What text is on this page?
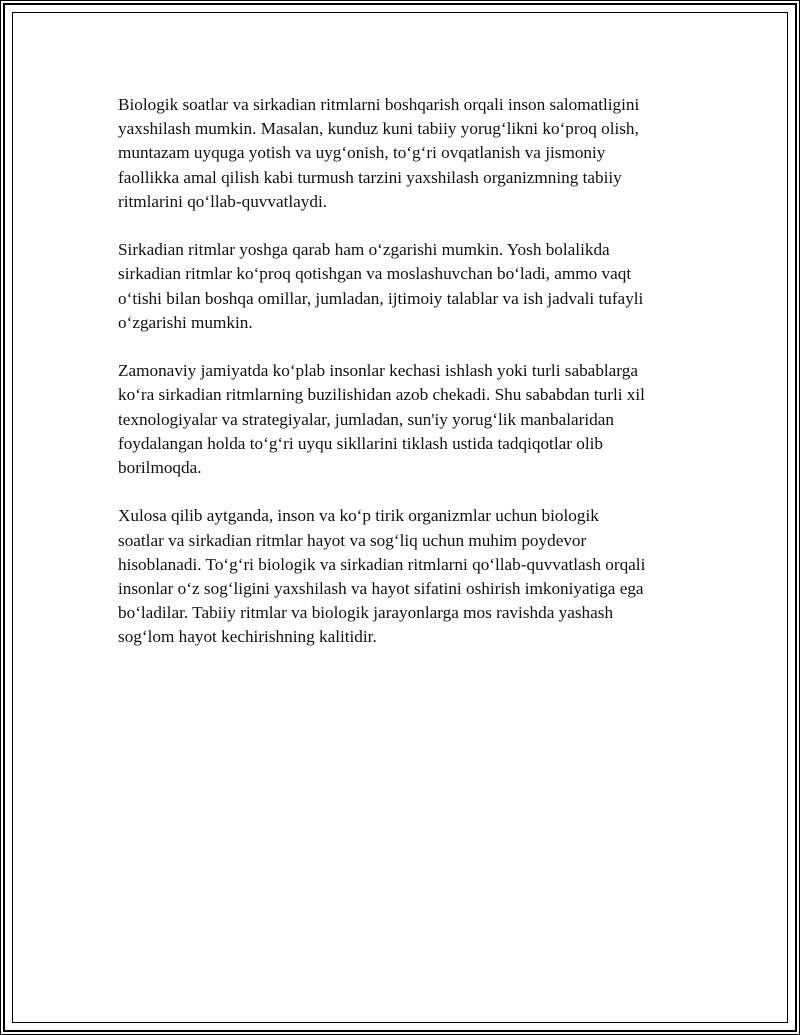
Biologik soatlar va sirkadian ritmlarni boshqarish orqali inson salomatligini
yaxshilash mumkin. Masalan, kunduz kuni tabiiy yorug‘likni ko‘proq olish,
muntazam uyquga yotish va uyg‘onish, to‘g‘ri ovqatlanish va jismoniy
faollikka amal qilish kabi turmush tarzini yaxshilash organizmning tabiiy
ritmlarini qo‘llab-quvvatlaydi.

Sirkadian ritmlar yoshga qarab ham o‘zgarishi mumkin. Yosh bolalikda
sirkadian ritmlar ko‘proq qotishgan va moslashuvchan bo‘ladi, ammo vaqt
o‘tishi bilan boshqa omillar, jumladan, ijtimoiy talablar va ish jadvali tufayli
o‘zgarishi mumkin.

Zamonaviy jamiyatda ko‘plab insonlar kechasi ishlash yoki turli sabablarga
ko‘ra sirkadian ritmlarning buzilishidan azob chekadi. Shu sababdan turli xil
texnologiyalar va strategiyalar, jumladan, sun'iy yorug‘lik manbalaridan
foydalangan holda to‘g‘ri uyqu sikllarini tiklash ustida tadqiqotlar olib
borilmoqda.

Xulosa qilib aytganda, inson va ko‘p tirik organizmlar uchun biologik
soatlar va sirkadian ritmlar hayot va sog‘liq uchun muhim poydevor
hisoblanadi. To‘g‘ri biologik va sirkadian ritmlarni qo‘llab-quvvatlash orqali
insonlar o‘z sog‘ligini yaxshilash va hayot sifatini oshirish imkoniyatiga ega
bo‘ladilar. Tabiiy ritmlar va biologik jarayonlarga mos ravishda yashash
sog‘lom hayot kechirishning kalitidir.
